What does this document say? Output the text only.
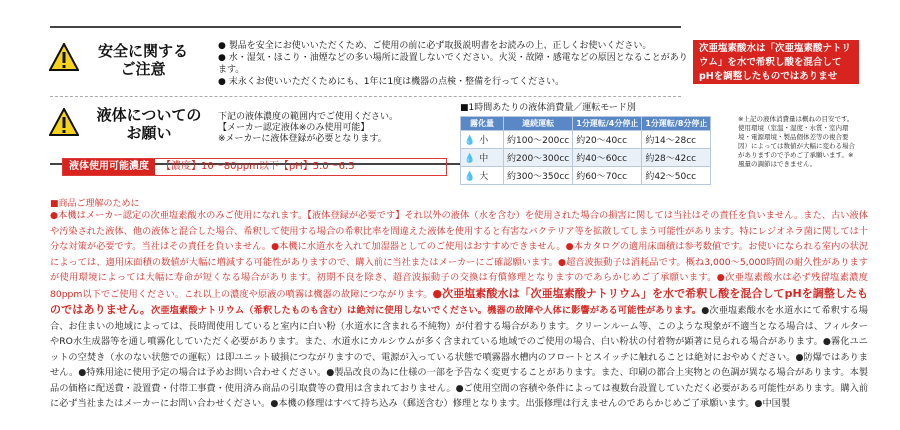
安全に関する
ご注意
● 製品を安全にお使いいただくため、ご使用の前に必ず取扱説明書をお読みの上、正しくお使いください。
● 水・湿気・ほこり・油煙などの多い場所に設置しないでください。火災・故障・感電などの原因となることがあります。
● 末永くお使いいただくためにも、1年に1度は機器の点検・整備を行ってください。
次亜塩素酸水は「次亜塩素酸ナトリウム」を水で希釈し酸を混合してpHを調整したものではありません。
液体についての
お願い
下記の液体濃度の範囲内でご使用ください。
【メーカー認定液体※のみ使用可能】
※メーカーに液体登録が必要となります。
液体使用可能濃度 【濃度】10～80ppm以下【pH】5.0～6.5
■1時間あたりの液体消費量／運転モード別
霧化量	連続運転	1分運転/4分停止	1分運転/8分停止
💧 小	約100～200cc	約20～40cc	約14～28cc
💧 中	約200～300cc	約40～60cc	約28～42cc
💧 大	約300～350cc	約60～70cc	約42～50cc
※上記の液体消費量は概ねの目安です。使用環境（室温・湿度・水質・室内環境・電源環境・製品個体差等の複合要因）によっては数値が大幅に変わる場合がありますので予めご了承願います。※風量の調節はできません。
■商品ご理解のために
●本機はメーカー認定の次亜塩素酸水のみご使用になれます。【液体登録が必要です】それ以外の液体（水を含む）を使用された場合の損害に関しては当社はその責任を負いません。また、古い液体や汚染された液体、他の液体と混合した場合、希釈して使用する場合の希釈比率を間違えた液体を使用すると有害なバクテリア等を拡散してしまう可能性があります。特にレジオネラ菌に関しては十分な対策が必要です。当社はその責任を負いません。●本機に水道水を入れて加湿器としてのご使用はおすすめできません。●本カタログの適用床面積は参考数値です。お使いになられる室内の状況によっては、適用床面積の数値が大幅に増減する可能性がありますので、購入前に当社またはメーカーにご確認願います。●超音波振動子は消耗品です。概ね3,000～5,000時間の耐久性がありますが使用環境によっては大幅に寿命が短くなる場合があります。初期不良を除き、超音波振動子の交換は有償修理となりますのであらかじめご了承願います。●次亜塩素酸水は必ず残留塩素濃度80ppm以下でご使用ください。これ以上の濃度や原液の噴霧は機器の故障につながります。●次亜塩素酸水は「次亜塩素酸ナトリウム」を水で希釈し酸を混合してpHを調整したものではありません。次亜塩素酸ナトリウム（希釈したものも含む）は絶対に使用しないでください。機器の故障や人体に影響がある可能性があります。●次亜塩素酸水を水道水にて希釈する場合、お住まいの地域によっては、長時間使用していると室内に白い粉（水道水に含まれる不純物）が付着する場合があります。クリーンルーム等、このような現象が不適当となる場合は、フィルターやRO水生成器等を通し噴霧化していただく必要があります。また、水道水にカルシウムが多く含まれている地域でのご使用の場合、白い粉状の付着物が顕著に見られる場合があります。●霧化ユニットの空焚き（水のない状態での運転）は即ユニット破損につながりますので、電源が入っている状態で噴霧器水槽内のフロートとスイッチに触れることは絶対におやめください。●防爆ではありません。●特殊用途に使用予定の場合は予めお問い合わせください。●製品改良の為に仕様の一部を予告なく変更することがあります。また、印刷の都合上実物との色調が異なる場合があります。本製品の価格に配送費・設置費・付帯工事費・使用済み商品の引取費等の費用は含まれておりません。●ご使用空間の容積や条件によっては複数台設置していただく必要がある可能性があります。購入前に必ず当社またはメーカーにお問い合わせください。●本機の修理はすべて持ち込み（郵送含む）修理となります。出張修理は行えませんのであらかじめご了承願います。●中国製
